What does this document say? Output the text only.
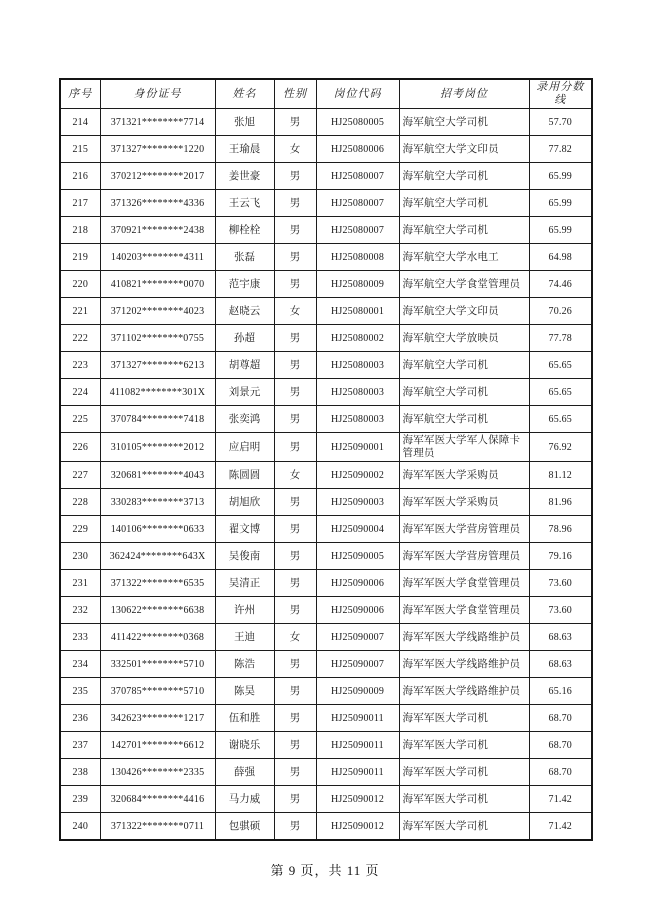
序号	身份证号	姓名	性别	岗位代码	招考岗位	录用分数线
214	371321********7714	张旭	男	HJ25080005	海军航空大学司机	57.70
215	371327********1220	王瑜晨	女	HJ25080006	海军航空大学文印员	77.82
216	370212********2017	姜世豪	男	HJ25080007	海军航空大学司机	65.99
217	371326********4336	王云飞	男	HJ25080007	海军航空大学司机	65.99
218	370921********2438	柳栓栓	男	HJ25080007	海军航空大学司机	65.99
219	140203********4311	张磊	男	HJ25080008	海军航空大学水电工	64.98
220	410821********0070	范宇康	男	HJ25080009	海军航空大学食堂管理员	74.46
221	371202********4023	赵晓云	女	HJ25080001	海军航空大学文印员	70.26
222	371102********0755	孙超	男	HJ25080002	海军航空大学放映员	77.78
223	371327********6213	胡尊超	男	HJ25080003	海军航空大学司机	65.65
224	411082********301X	刘景元	男	HJ25080003	海军航空大学司机	65.65
225	370784********7418	张奕鸿	男	HJ25080003	海军航空大学司机	65.65
226	310105********2012	应启明	男	HJ25090001	海军军医大学军人保障卡管理员	76.92
227	320681********4043	陈圆圆	女	HJ25090002	海军军医大学采购员	81.12
228	330283********3713	胡旭欣	男	HJ25090003	海军军医大学采购员	81.96
229	140106********0633	翟文博	男	HJ25090004	海军军医大学营房管理员	78.96
230	362424********643X	吴俊南	男	HJ25090005	海军军医大学营房管理员	79.16
231	371322********6535	吴清正	男	HJ25090006	海军军医大学食堂管理员	73.60
232	130622********6638	许州	男	HJ25090006	海军军医大学食堂管理员	73.60
233	411422********0368	王迪	女	HJ25090007	海军军医大学线路维护员	68.63
234	332501********5710	陈浩	男	HJ25090007	海军军医大学线路维护员	68.63
235	370785********5710	陈昊	男	HJ25090009	海军军医大学线路维护员	65.16
236	342623********1217	伍和胜	男	HJ25090011	海军军医大学司机	68.70
237	142701********6612	谢晓乐	男	HJ25090011	海军军医大学司机	68.70
238	130426********2335	薛强	男	HJ25090011	海军军医大学司机	68.70
239	320684********4416	马力威	男	HJ25090012	海军军医大学司机	71.42
240	371322********0711	包骐硕	男	HJ25090012	海军军医大学司机	71.42
第 9 页，共 11 页
